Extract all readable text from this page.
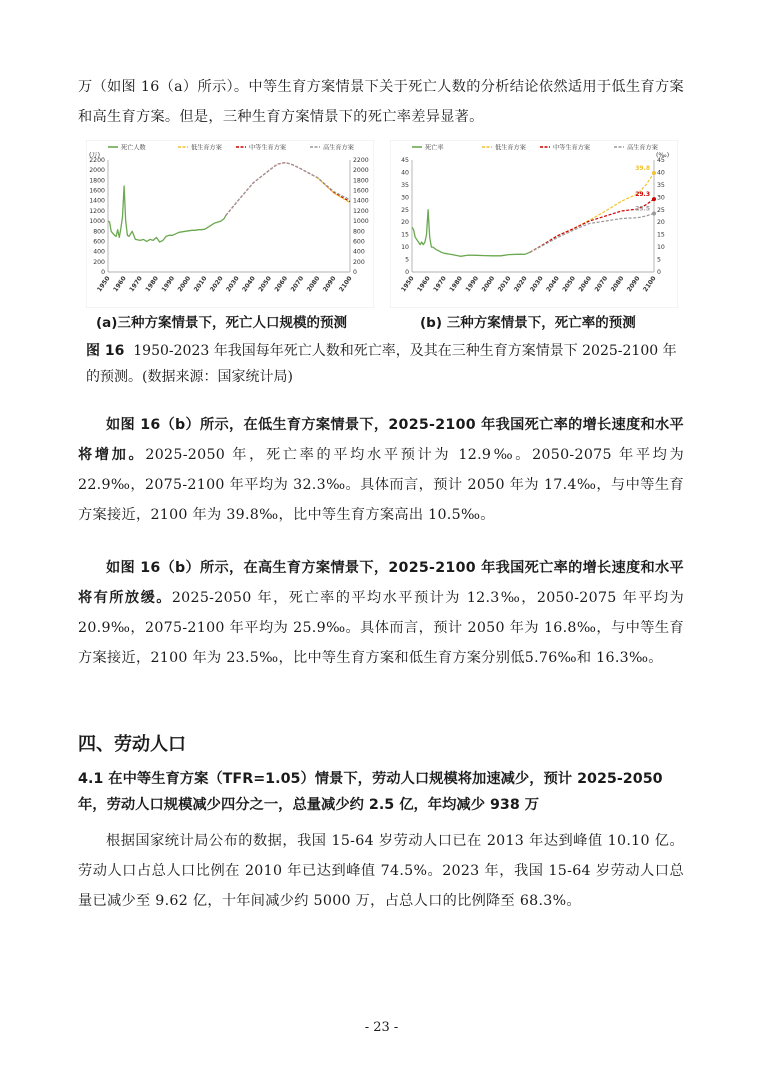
万（如图 16（a）所示）。中等生育方案情景下关于死亡人数的分析结论依然适用于低生育方案和高生育方案。但是，三种生育方案情景下的死亡率差异显著。

死亡人数	低生育方案	中等生育方案	高生育方案
(万)
0	0
200	200
400	400
600	600
800	800
1000	1000
1200	1200
1400	1400
1600	1600
1800	1800
2000	2000
2200	2200
1950 1960 1970 1980 1990 2000 2010 2020 2030 2040 2050 2060 2070 2080 2090 2100
死亡率	低生育方案	中等生育方案	高生育方案
(‰)
0	0
5	5
10	10
15	15
20	20
25	25
30	30
35	35
40	40
45	45
1950 1960 1970 1980 1990 2000 2010 2020 2030 2040 2050 2060 2070 2080 2090 2100
39.8
29.3
23.5
(a)三种方案情景下，死亡人口规模的预测	(b) 三种方案情景下，死亡率的预测

图 16 1950-2023 年我国每年死亡人数和死亡率，及其在三种生育方案情景下 2025-2100 年的预测。(数据来源：国家统计局)

如图 16（b）所示，在低生育方案情景下，2025-2100 年我国死亡率的增长速度和水平将增加。2025-2050 年，死亡率的平均水平预计为 12.9‰。2050-2075 年平均为 22.9‰，2075-2100 年平均为 32.3‰。具体而言，预计 2050 年为 17.4‰，与中等生育方案接近，2100 年为 39.8‰，比中等生育方案高出 10.5‰。

如图 16（b）所示，在高生育方案情景下，2025-2100 年我国死亡率的增长速度和水平将有所放缓。2025-2050 年，死亡率的平均水平预计为 12.3‰，2050-2075 年平均为 20.9‰，2075-2100 年平均为 25.9‰。具体而言，预计 2050 年为 16.8‰，与中等生育方案接近，2100 年为 23.5‰，比中等生育方案和低生育方案分别低5.76‰和 16.3‰。

四、劳动人口

4.1 在中等生育方案（TFR=1.05）情景下，劳动人口规模将加速减少，预计 2025-2050 年，劳动人口规模减少四分之一，总量减少约 2.5 亿，年均减少 938 万

根据国家统计局公布的数据，我国 15-64 岁劳动人口已在 2013 年达到峰值 10.10 亿。劳动人口占总人口比例在 2010 年已达到峰值 74.5%。2023 年，我国 15-64 岁劳动人口总量已减少至 9.62 亿，十年间减少约 5000 万，占总人口的比例降至 68.3%。

- 23 -
